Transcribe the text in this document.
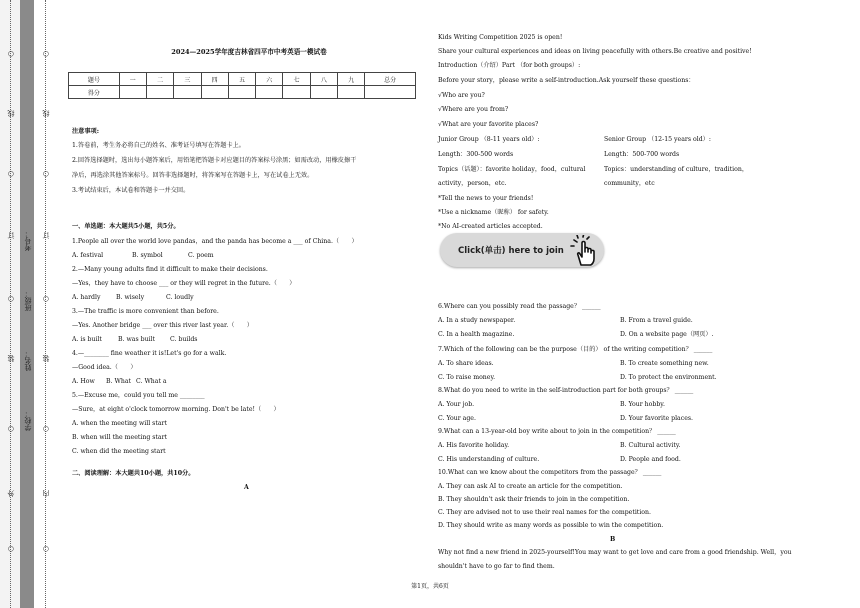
线
订
装
外
○
○
○
○
○
线
订
装
内
○
○
○
○
○
考号：
班级：
姓名：
学校：
2024—2025学年度吉林省四平市中考英语一模试卷
题号	一	二	三	四	五	六	七	八	九	总分
得分										
注意事项:
1.答卷前，考生务必将自己的姓名、准考证号填写在答题卡上。
2.回答选择题时，选出每小题答案后，用铅笔把答题卡对应题目的答案标号涂黑；如需改动，用橡皮擦干
净后，再选涂其他答案标号。回答非选择题时，将答案写在答题卡上，写在试卷上无效。
3.考试结束后，本试卷和答题卡一并交回。
一、单选题：本大题共5小题，共5分。
1.People all over the world love pandas，and the panda has become a ___ of China.（　　）
A. festival	B. symbol	C. poem
2.—Many young adults find it difficult to make their decisions.
—Yes，they have to choose ___ or they will regret in the future.（　　）
A. hardly	B. wisely	C. loudly
3.—The traffic is more convenient than before.
—Yes. Another bridge ___ over this river last year.（　　）
A. is built	B. was built C. builds
4.—________ fine weather it is!Let's go for a walk.
—Good idea.（　　）
A. How B. What C. What a
5.—Excuse me，could you tell me ________
—Sure，at eight o'clock tomorrow morning. Don't be late!（　　）
A. when the meeting will start
B. when will the meeting start
C. when did the meeting start
二、阅读理解：本大题共10小题，共10分。
A
Kids Writing Competition 2025 is open!
Share your cultural experiences and ideas on living peacefully with others.Be creative and positive!
Introduction（介绍）Part （for both groups）:
Before your story，please write a self-introduction.Ask yourself these questions：
√Who are you?
√Where are you from?
√What are your favorite places?
Junior Group （8-11 years old）:
Length：300-500 words
Topics（话题）：favorite holiday，food，cultural
activity，person，etc.
Senior Group （12-15 years old）:
Length：500-700 words
Topics：understanding of culture，tradition，
community，etc
*Tell the news to your friends!
*Use a nickname（昵称） for safety.
*No AI-created articles accepted.
Click(单击) here to join
6.Where can you possibly read the passage？ ______
A. In a study newspaper.	B. From a travel guide.
C. In a health magazine.	D. On a website page（网页）.
7.Which of the following can be the purpose（目的） of the writing competition？ ______
A. To share ideas.	B. To create something new.
C. To raise money.	D. To protect the environment.
8.What do you need to write in the self-introduction part for both groups？ ______
A. Your job.	B. Your hobby.
C. Your age.	D. Your favorite places.
9.What can a 13-year-old boy write about to join in the competition？ ______
A. His favorite holiday.	B. Cultural activity.
C. His understanding of culture.	D. People and food.
10.What can we know about the competitors from the passage？ ______
A. They can ask AI to create an article for the competition.
B. They shouldn't ask their friends to join in the competition.
C. They are advised not to use their real names for the competition.
D. They should write as many words as possible to win the competition.
B
Why not find a new friend in 2025-yourself!You may want to get love and care from a good friendship. Well，you
shouldn't have to go far to find them.
第1页，共6页
